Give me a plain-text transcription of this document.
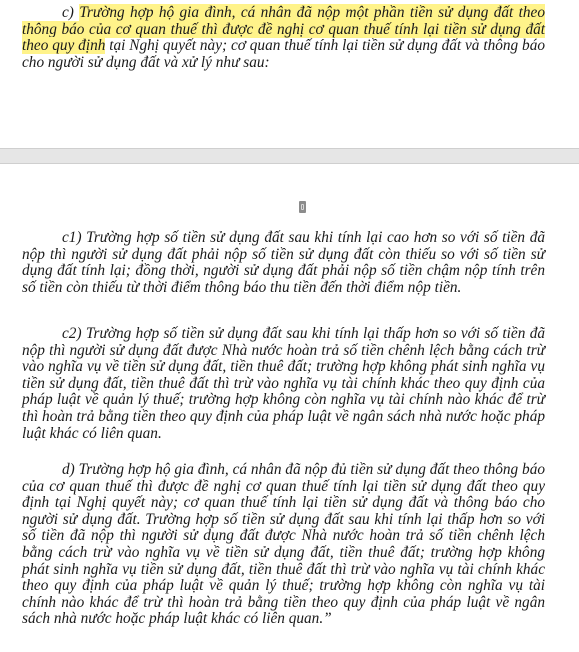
c) Trường hợp hộ gia đình, cá nhân đã nộp một phần tiền sử dụng đất theo thông báo của cơ quan thuế thì được đề nghị cơ quan thuế tính lại tiền sử dụng đất theo quy định tại Nghị quyết này; cơ quan thuế tính lại tiền sử dụng đất và thông báo cho người sử dụng đất và xử lý như sau:

c1) Trường hợp số tiền sử dụng đất sau khi tính lại cao hơn so với số tiền đã nộp thì người sử dụng đất phải nộp số tiền sử dụng đất còn thiếu so với số tiền sử dụng đất tính lại; đồng thời, người sử dụng đất phải nộp số tiền chậm nộp tính trên số tiền còn thiếu từ thời điểm thông báo thu tiền đến thời điểm nộp tiền.

c2) Trường hợp số tiền sử dụng đất sau khi tính lại thấp hơn so với số tiền đã nộp thì người sử dụng đất được Nhà nước hoàn trả số tiền chênh lệch bằng cách trừ vào nghĩa vụ về tiền sử dụng đất, tiền thuê đất; trường hợp không phát sinh nghĩa vụ tiền sử dụng đất, tiền thuê đất thì trừ vào nghĩa vụ tài chính khác theo quy định của pháp luật về quản lý thuế; trường hợp không còn nghĩa vụ tài chính nào khác để trừ thì hoàn trả bằng tiền theo quy định của pháp luật về ngân sách nhà nước hoặc pháp luật khác có liên quan.

d) Trường hợp hộ gia đình, cá nhân đã nộp đủ tiền sử dụng đất theo thông báo của cơ quan thuế thì được đề nghị cơ quan thuế tính lại tiền sử dụng đất theo quy định tại Nghị quyết này; cơ quan thuế tính lại tiền sử dụng đất và thông báo cho người sử dụng đất. Trường hợp số tiền sử dụng đất sau khi tính lại thấp hơn so với số tiền đã nộp thì người sử dụng đất được Nhà nước hoàn trả số tiền chênh lệch bằng cách trừ vào nghĩa vụ về tiền sử dụng đất, tiền thuê đất; trường hợp không phát sinh nghĩa vụ tiền sử dụng đất, tiền thuê đất thì trừ vào nghĩa vụ tài chính khác theo quy định của pháp luật về quản lý thuế; trường hợp không còn nghĩa vụ tài chính nào khác để trừ thì hoàn trả bằng tiền theo quy định của pháp luật về ngân sách nhà nước hoặc pháp luật khác có liên quan.”
